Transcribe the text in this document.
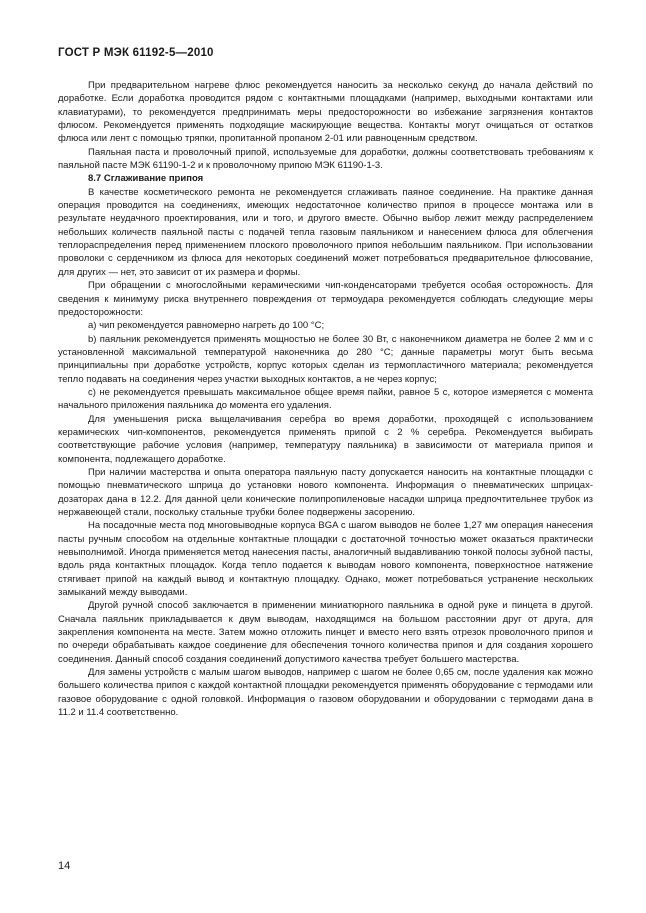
ГОСТ Р МЭК 61192-5—2010

При предварительном нагреве флюс рекомендуется наносить за несколько секунд до начала действий по доработке. Если доработка проводится рядом с контактными площадками (например, выходными контактами или клавиатурами), то рекомендуется предпринимать меры предосторожности во избежание загрязнения контактов флюсом. Рекомендуется применять подходящие маскирующие вещества. Контакты могут очищаться от остатков флюса или лент с помощью тряпки, пропитанной пропаном 2-01 или равноценным средством.

Паяльная паста и проволочный припой, используемые для доработки, должны соответствовать требованиям к паяльной пасте МЭК 61190-1-2 и к проволочному припою МЭК 61190-1-3.

8.7 Сглаживание припоя

В качестве косметического ремонта не рекомендуется сглаживать паяное соединение. На практике данная операция проводится на соединениях, имеющих недостаточное количество припоя в процессе монтажа или в результате неудачного проектирования, или и того, и другого вместе. Обычно выбор лежит между распределением небольших количеств паяльной пасты с подачей тепла газовым паяльником и нанесением флюса для облегчения теплораспределения перед применением плоского проволочного припоя небольшим паяльником. При использовании проволоки с сердечником из флюса для некоторых соединений может потребоваться предварительное флюсование, для других — нет, это зависит от их размера и формы.

При обращении с многослойными керамическими чип-конденсаторами требуется особая осторожность. Для сведения к минимуму риска внутреннего повреждения от термоудара рекомендуется соблюдать следующие меры предосторожности:

а) чип рекомендуется равномерно нагреть до 100 °С;

b) паяльник рекомендуется применять мощностью не более 30 Вт, с наконечником диаметра не более 2 мм и с установленной максимальной температурой наконечника до 280 °С; данные параметры могут быть весьма принципиальны при доработке устройств, корпус которых сделан из термопластичного материала; рекомендуется тепло подавать на соединения через участки выходных контактов, а не через корпус;

c) не рекомендуется превышать максимальное общее время пайки, равное 5 с, которое измеряется с момента начального приложения паяльника до момента его удаления.

Для уменьшения риска выщелачивания серебра во время доработки, проходящей с использованием керамических чип-компонентов, рекомендуется применять припой с 2 % серебра. Рекомендуется выбирать соответствующие рабочие условия (например, температуру паяльника) в зависимости от материала припоя и компонента, подлежащего доработке.

При наличии мастерства и опыта оператора паяльную пасту допускается наносить на контактные площадки с помощью пневматического шприца до установки нового компонента. Информация о пневматических шприцах-дозаторах дана в 12.2. Для данной цели конические полипропиленовые насадки шприца предпочтительнее трубок из нержавеющей стали, поскольку стальные трубки более подвержены засорению.

На посадочные места под многовыводные корпуса BGA с шагом выводов не более 1,27 мм операция нанесения пасты ручным способом на отдельные контактные площадки с достаточной точностью может оказаться практически невыполнимой. Иногда применяется метод нанесения пасты, аналогичный выдавливанию тонкой полосы зубной пасты, вдоль ряда контактных площадок. Когда тепло подается к выводам нового компонента, поверхностное натяжение стягивает припой на каждый вывод и контактную площадку. Однако, может потребоваться устранение нескольких замыканий между выводами.

Другой ручной способ заключается в применении миниатюрного паяльника в одной руке и пинцета в другой. Сначала паяльник прикладывается к двум выводам, находящимся на большом расстоянии друг от друга, для закрепления компонента на месте. Затем можно отложить пинцет и вместо него взять отрезок проволочного припоя и по очереди обрабатывать каждое соединение для обеспечения точного количества припоя и для создания хорошего соединения. Данный способ создания соединений допустимого качества требует большего мастерства.

Для замены устройств с малым шагом выводов, например с шагом не более 0,65 см, после удаления как можно большего количества припоя с каждой контактной площадки рекомендуется применять оборудование с термодами или газовое оборудование с одной головкой. Информация о газовом оборудовании и оборудовании с термодами дана в 11.2 и 11.4 соответственно.

14
